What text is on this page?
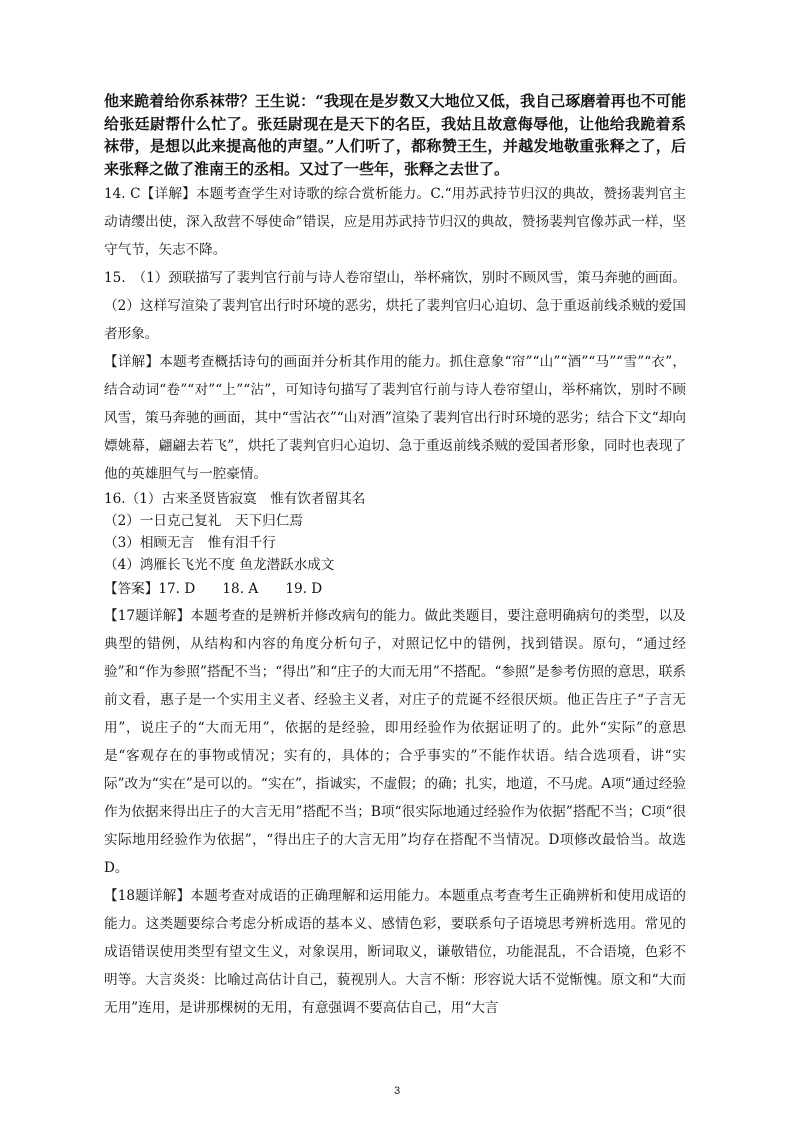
他来跪着给你系袜带？王生说：“我现在是岁数又大地位又低，我自己琢磨着再也不可能给张廷尉帮什么忙了。张廷尉现在是天下的名臣，我姑且故意侮辱他，让他给我跪着系袜带，是想以此来提高他的声望。”人们听了，都称赞王生，并越发地敬重张释之了，后来张释之做了淮南王的丞相。又过了一些年，张释之去世了。

14. C【详解】本题考查学生对诗歌的综合赏析能力。C.“用苏武持节归汉的典故，赞扬裴判官主动请缨出使，深入敌营不辱使命”错误，应是用苏武持节归汉的典故，赞扬裴判官像苏武一样，坚守气节，矢志不降。

15.　（1）颈联描写了裴判官行前与诗人卷帘望山，举杯痛饮，别时不顾风雪，策马奔驰的画面。（2）这样写渲染了裴判官出行时环境的恶劣，烘托了裴判官归心迫切、急于重返前线杀贼的爱国者形象。

【详解】本题考查概括诗句的画面并分析其作用的能力。抓住意象“帘”“山”“酒”“马”“雪”“衣”，结合动词“卷”“对”“上”“沾”，可知诗句描写了裴判官行前与诗人卷帘望山，举杯痛饮，别时不顾风雪，策马奔驰的画面，其中“雪沾衣”“山对酒”渲染了裴判官出行时环境的恶劣；结合下文“却向嫖姚幕，翩翩去若飞”，烘托了裴判官归心迫切、急于重返前线杀贼的爱国者形象，同时也表现了他的英雄胆气与一腔豪情。

16.（1）古来圣贤皆寂寞　惟有饮者留其名

（2）一日克己复礼　天下归仁焉

（3）相顾无言　惟有泪千行

（4）鸿雁长飞光不度 鱼龙潜跃水成文

【答案】17. D　　18. A　　19. D

【17题详解】本题考查的是辨析并修改病句的能力。做此类题目，要注意明确病句的类型，以及典型的错例，从结构和内容的角度分析句子，对照记忆中的错例，找到错误。原句，“通过经验”和“作为参照”搭配不当；“得出”和“庄子的大而无用”不搭配。“参照”是参考仿照的意思，联系前文看，惠子是一个实用主义者、经验主义者，对庄子的荒诞不经很厌烦。他正告庄子“子言无用”，说庄子的“大而无用”，依据的是经验，即用经验作为依据证明了的。此外“实际”的意思是“客观存在的事物或情况；实有的，具体的；合乎事实的”不能作状语。结合选项看，讲“实际”改为“实在”是可以的。“实在”，指诚实，不虚假；的确；扎实，地道，不马虎。A项“通过经验作为依据来得出庄子的大言无用”搭配不当；B项“很实际地通过经验作为依据”搭配不当；C项“很实际地用经验作为依据”，“得出庄子的大言无用”均存在搭配不当情况。D项修改最恰当。故选D。

【18题详解】本题考查对成语的正确理解和运用能力。本题重点考查考生正确辨析和使用成语的能力。这类题要综合考虑分析成语的基本义、感情色彩，要联系句子语境思考辨析选用。常见的成语错误使用类型有望文生义，对象误用，断词取义，谦敬错位，功能混乱，不合语境，色彩不明等。大言炎炎：比喻过高估计自己，藐视别人。大言不惭：形容说大话不觉惭愧。原文和“大而无用”连用，是讲那棵树的无用，有意强调不要高估自己，用“大言

3
